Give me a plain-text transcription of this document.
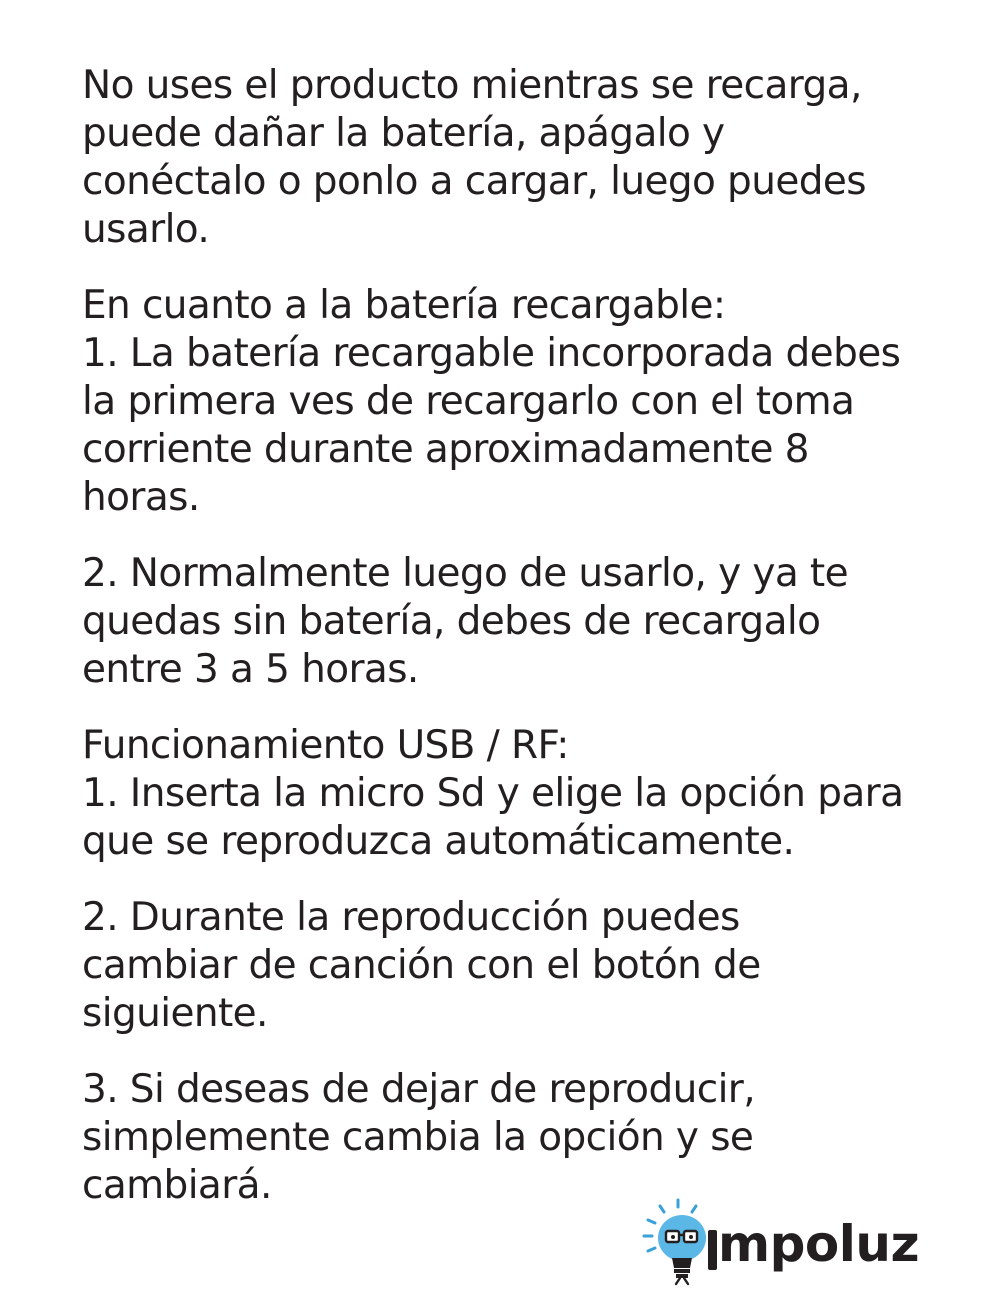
No uses el producto mientras se recarga,
puede dañar la batería, apágalo y
conéctalo o ponlo a cargar, luego puedes
usarlo.

En cuanto a la batería recargable:
1. La batería recargable incorporada debes
la primera ves de recargarlo con el toma
corriente durante aproximadamente 8
horas.

2. Normalmente luego de usarlo, y ya te
quedas sin batería, debes de recargalo
entre 3 a 5 horas.

Funcionamiento USB / RF:
1. Inserta la micro Sd y elige la opción para
que se reproduzca automáticamente.

2. Durante la reproducción puedes
cambiar de canción con el botón de
siguiente.

3. Si deseas de dejar de reproducir,
simplemente cambia la opción y se
cambiará.

mpoluz
